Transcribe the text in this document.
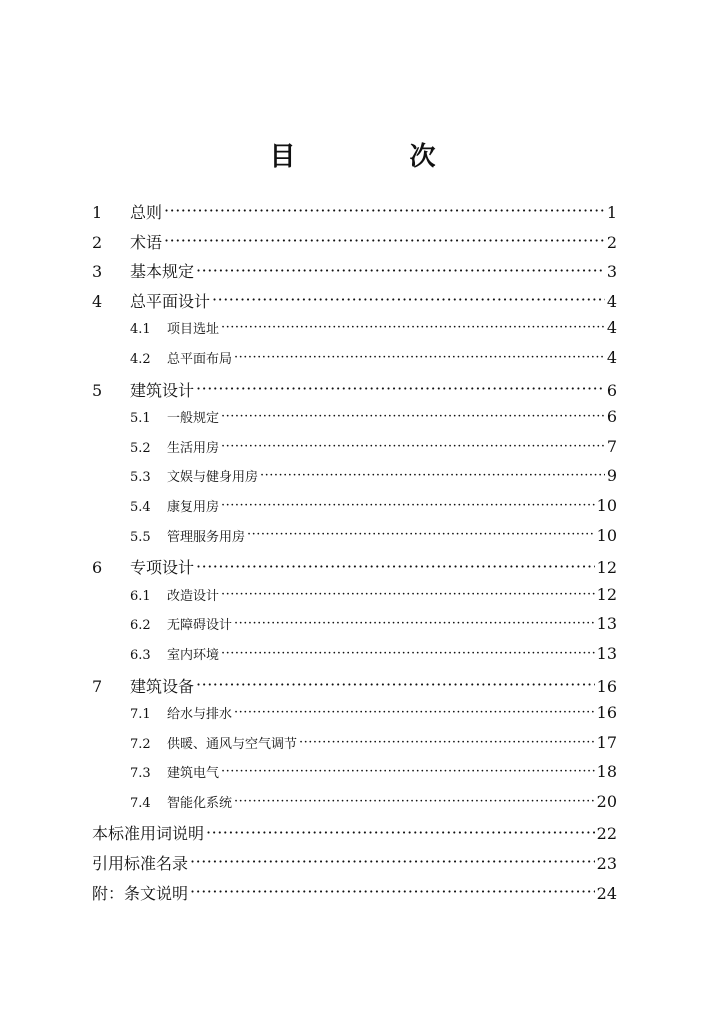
目　次
1	总则 ·····	1
2	术语 ·····	2
3	基本规定 ·····	3
4	总平面设计 ·····	4
4.1	项目选址 ·····	4
4.2	总平面布局 ·····	4
5	建筑设计 ·····	6
5.1	一般规定 ·····	6
5.2	生活用房 ·····	7
5.3	文娱与健身用房 ·····	9
5.4	康复用房 ·····	10
5.5	管理服务用房 ·····	10
6	专项设计 ·····	12
6.1	改造设计 ·····	12
6.2	无障碍设计 ·····	13
6.3	室内环境 ·····	13
7	建筑设备 ·····	16
7.1	给水与排水 ·····	16
7.2	供暖、通风与空气调节 ·····	17
7.3	建筑电气 ·····	18
7.4	智能化系统 ·····	20
本标准用词说明 ·····	22
引用标准名录 ·····	23
附：条文说明 ·····	24
